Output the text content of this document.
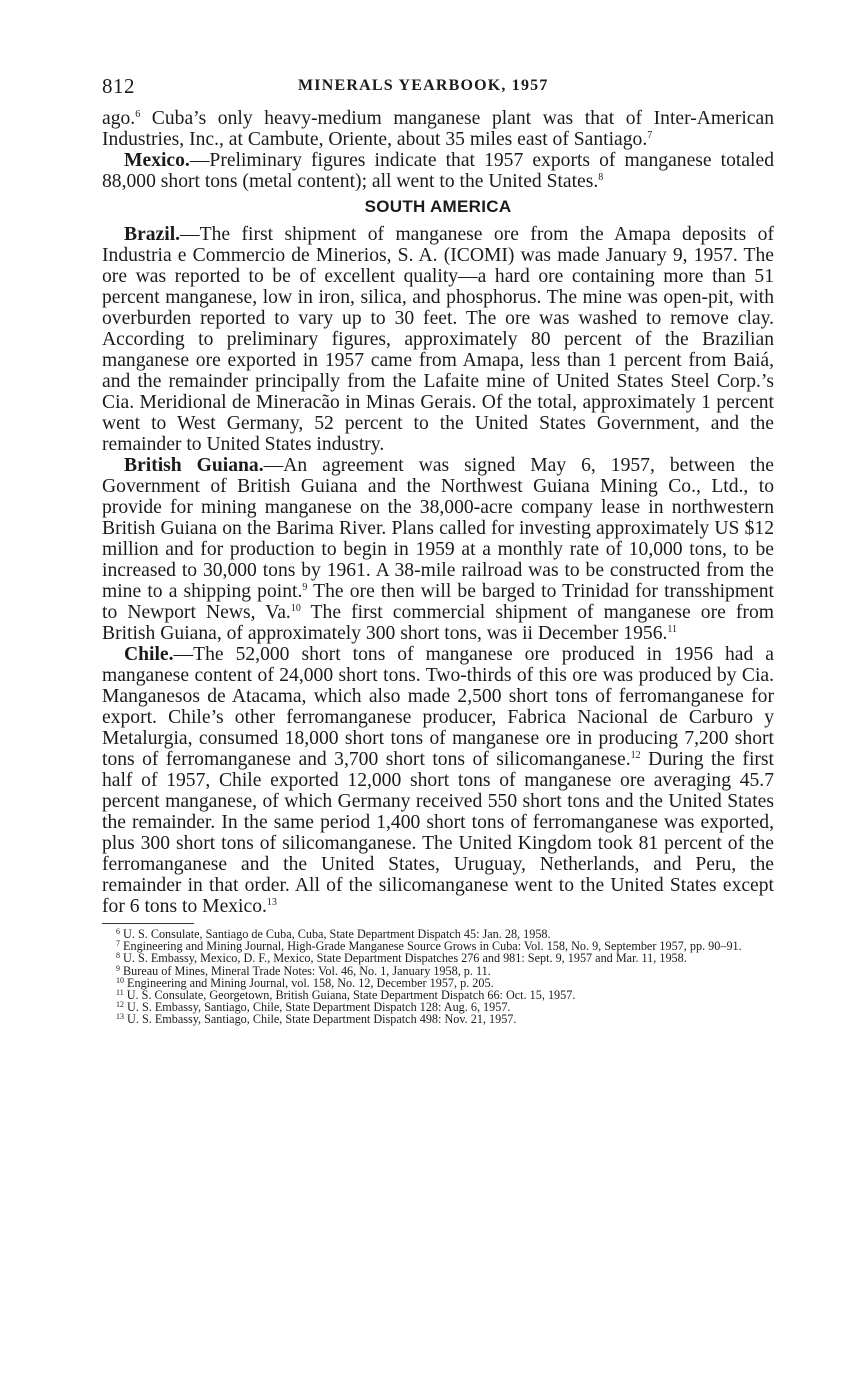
812	MINERALS YEARBOOK, 1957

ago.$^6$ Cuba’s only heavy-medium manganese plant was that of Inter-American Industries, Inc., at Cambute, Oriente, about 35 miles east of Santiago.$^7$

Mexico.—Preliminary figures indicate that 1957 exports of manganese totaled 88,000 short tons (metal content); all went to the United States.$^8$

SOUTH AMERICA

Brazil.—The first shipment of manganese ore from the Amapa deposits of Industria e Commercio de Minerios, S. A. (ICOMI) was made January 9, 1957. The ore was reported to be of excellent quality—a hard ore containing more than 51 percent manganese, low in iron, silica, and phosphorus. The mine was open-pit, with overburden reported to vary up to 30 feet. The ore was washed to remove clay. According to preliminary figures, approximately 80 percent of the Brazilian manganese ore exported in 1957 came from Amapa, less than 1 percent from Baiá, and the remainder principally from the Lafaite mine of United States Steel Corp.’s Cia. Meridional de Mineracão in Minas Gerais. Of the total, approximately 1 percent went to West Germany, 52 percent to the United States Government, and the remainder to United States industry.

British Guiana.—An agreement was signed May 6, 1957, between the Government of British Guiana and the Northwest Guiana Mining Co., Ltd., to provide for mining manganese on the 38,000-acre company lease in northwestern British Guiana on the Barima River. Plans called for investing approximately US $12 million and for production to begin in 1959 at a monthly rate of 10,000 tons, to be increased to 30,000 tons by 1961. A 38-mile railroad was to be constructed from the mine to a shipping point.$^9$ The ore then will be barged to Trinidad for transshipment to Newport News, Va.$^{10}$ The first commercial shipment of manganese ore from British Guiana, of approximately 300 short tons, was ii December 1956.11

Chile.—The 52,000 short tons of manganese ore produced in 1956 had a manganese content of 24,000 short tons. Two-thirds of this ore was produced by Cia. Manganesos de Atacama, which also made 2,500 short tons of ferromanganese for export. Chile’s other ferromanganese producer, Fabrica Nacional de Carburo y Metalurgia, consumed 18,000 short tons of manganese ore in producing 7,200 short tons of ferromanganese and 3,700 short tons of silicomanganese.$^{12}$ During the first half of 1957, Chile exported 12,000 short tons of manganese ore averaging 45.7 percent manganese, of which Germany received 550 short tons and the United States the remainder. In the same period 1,400 short tons of ferromanganese was exported, plus 300 short tons of silicomanganese. The United Kingdom took 81 percent of the ferromanganese and the United States, Uruguay, Netherlands, and Peru, the remainder in that order. All of the silicomanganese went to the United States except for 6 tons to Mexico.$^{13}$

$^6$ U. S. Consulate, Santiago de Cuba, Cuba, State Department Dispatch 45: Jan. 28, 1958.
$^7$ Engineering and Mining Journal, High-Grade Manganese Source Grows in Cuba: Vol. 158, No. 9, September 1957, pp. 90–91.
$^8$ U. S. Embassy, Mexico, D. F., Mexico, State Department Dispatches 276 and 981: Sept. 9, 1957 and Mar. 11, 1958.
$^9$ Bureau of Mines, Mineral Trade Notes: Vol. 46, No. 1, January 1958, p. 11.
$^{10}$ Engineering and Mining Journal, vol. 158, No. 12, December 1957, p. 205.
$^{11}$ U. S. Consulate, Georgetown, British Guiana, State Department Dispatch 66: Oct. 15, 1957.
$^{12}$ U. S. Embassy, Santiago, Chile, State Department Dispatch 128: Aug. 6, 1957.
$^{13}$ U. S. Embassy, Santiago, Chile, State Department Dispatch 498: Nov. 21, 1957.
